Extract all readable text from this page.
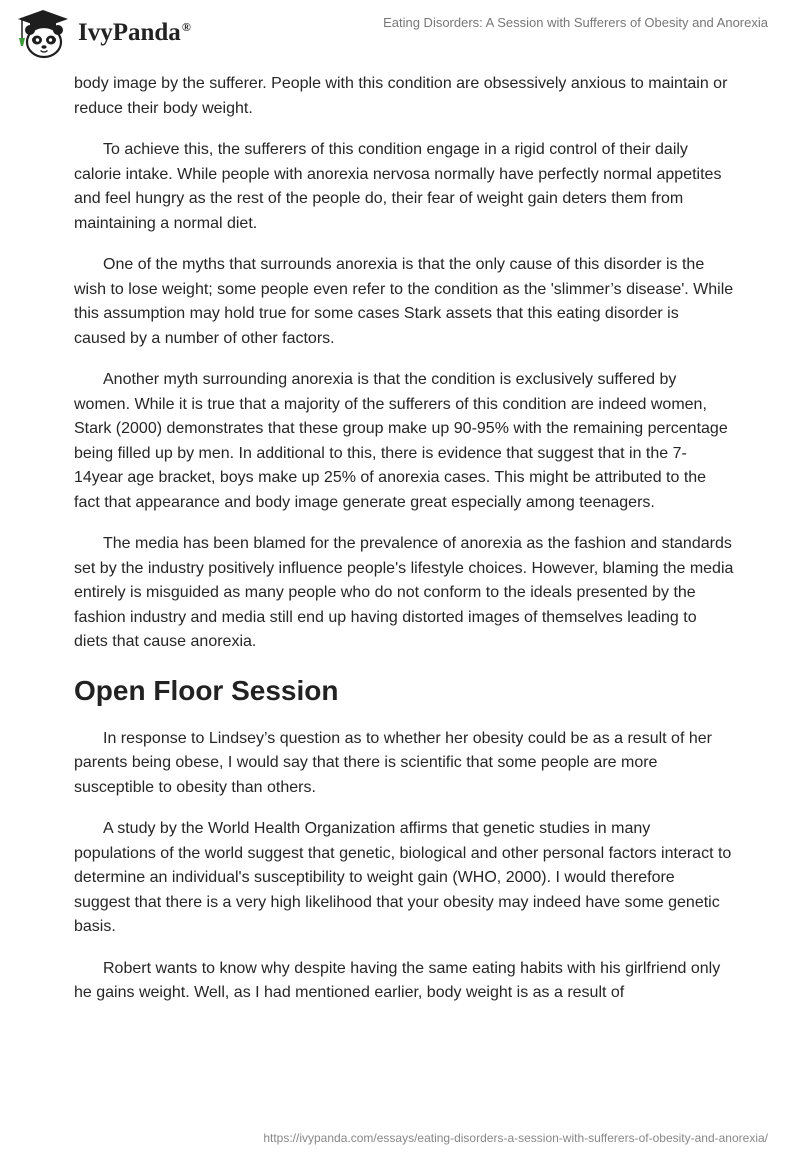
IvyPanda®	Eating Disorders: A Session with Sufferers of Obesity and Anorexia

body image by the sufferer. People with this condition are obsessively anxious to maintain or reduce their body weight.

To achieve this, the sufferers of this condition engage in a rigid control of their daily calorie intake. While people with anorexia nervosa normally have perfectly normal appetites and feel hungry as the rest of the people do, their fear of weight gain deters them from maintaining a normal diet.

One of the myths that surrounds anorexia is that the only cause of this disorder is the wish to lose weight; some people even refer to the condition as the 'slimmer’s disease'. While this assumption may hold true for some cases Stark assets that this eating disorder is caused by a number of other factors.

Another myth surrounding anorexia is that the condition is exclusively suffered by women. While it is true that a majority of the sufferers of this condition are indeed women, Stark (2000) demonstrates that these group make up 90-95% with the remaining percentage being filled up by men. In additional to this, there is evidence that suggest that in the 7-14year age bracket, boys make up 25% of anorexia cases. This might be attributed to the fact that appearance and body image generate great especially among teenagers.

The media has been blamed for the prevalence of anorexia as the fashion and standards set by the industry positively influence people's lifestyle choices. However, blaming the media entirely is misguided as many people who do not conform to the ideals presented by the fashion industry and media still end up having distorted images of themselves leading to diets that cause anorexia.

Open Floor Session

In response to Lindsey’s question as to whether her obesity could be as a result of her parents being obese, I would say that there is scientific that some people are more susceptible to obesity than others.

A study by the World Health Organization affirms that genetic studies in many populations of the world suggest that genetic, biological and other personal factors interact to determine an individual's susceptibility to weight gain (WHO, 2000). I would therefore suggest that there is a very high likelihood that your obesity may indeed have some genetic basis.

Robert wants to know why despite having the same eating habits with his girlfriend only he gains weight. Well, as I had mentioned earlier, body weight is as a result of

https://ivypanda.com/essays/eating-disorders-a-session-with-sufferers-of-obesity-and-anorexia/
